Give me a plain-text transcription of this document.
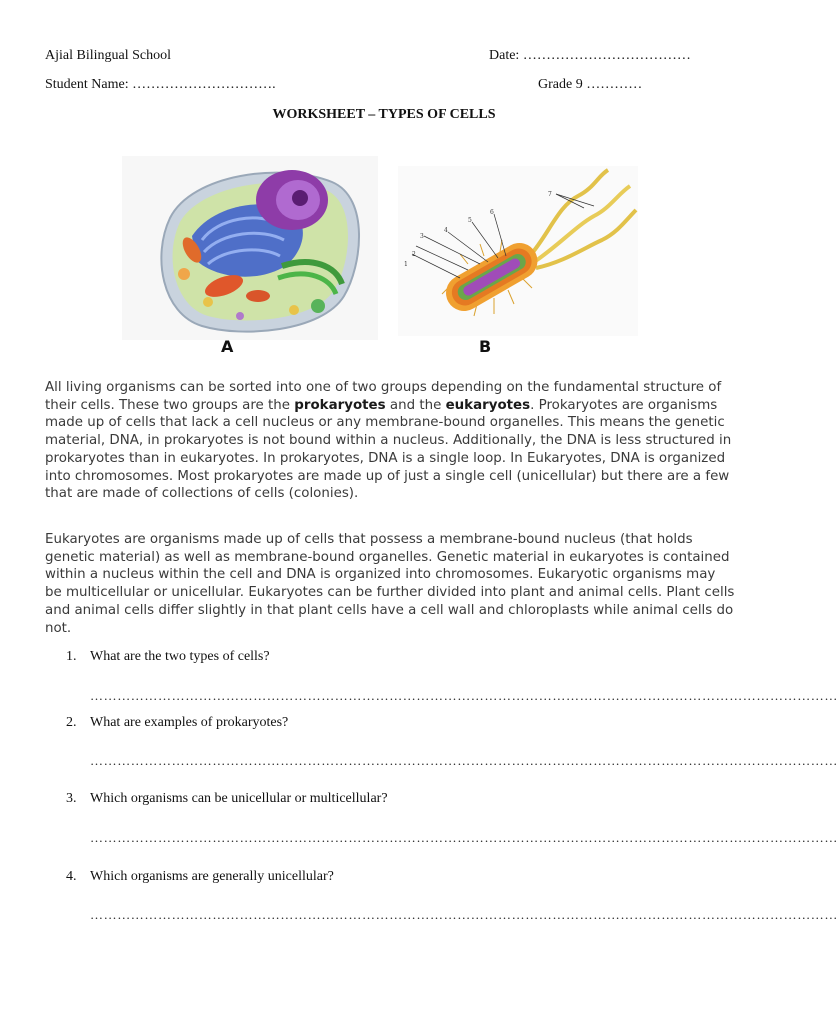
Ajial Bilingual School	Date: ………………………………
Student Name: ………………………….	Grade 9 …………
WORKSHEET – TYPES OF CELLS
A
1
2
3
4
5
6
7
B
All living organisms can be sorted into one of two groups depending on the fundamental structure of their cells. These two groups are the prokaryotes and the eukaryotes. Prokaryotes are organisms made up of cells that lack a cell nucleus or any membrane-bound organelles. This means the genetic material, DNA, in prokaryotes is not bound within a nucleus. Additionally, the DNA is less structured in prokaryotes than in eukaryotes. In prokaryotes, DNA is a single loop. In Eukaryotes, DNA is organized into chromosomes. Most prokaryotes are made up of just a single cell (unicellular) but there are a few that are made of collections of cells (colonies).
Eukaryotes are organisms made up of cells that possess a membrane-bound nucleus (that holds genetic material) as well as membrane-bound organelles. Genetic material in eukaryotes is contained within a nucleus within the cell and DNA is organized into chromosomes. Eukaryotic organisms may be multicellular or unicellular. Eukaryotes can be further divided into plant and animal cells. Plant cells and animal cells differ slightly in that plant cells have a cell wall and chloroplasts while animal cells do not.
1. What are the two types of cells?
…………………………………………………………………………………………………………………………………………………
2. What are examples of prokaryotes?
…………………………………………………………………………………………………………………………………………………
3. Which organisms can be unicellular or multicellular?
…………………………………………………………………………………………………………………………………………………
4. Which organisms are generally unicellular?
…………………………………………………………………………………………………………………………………………………
